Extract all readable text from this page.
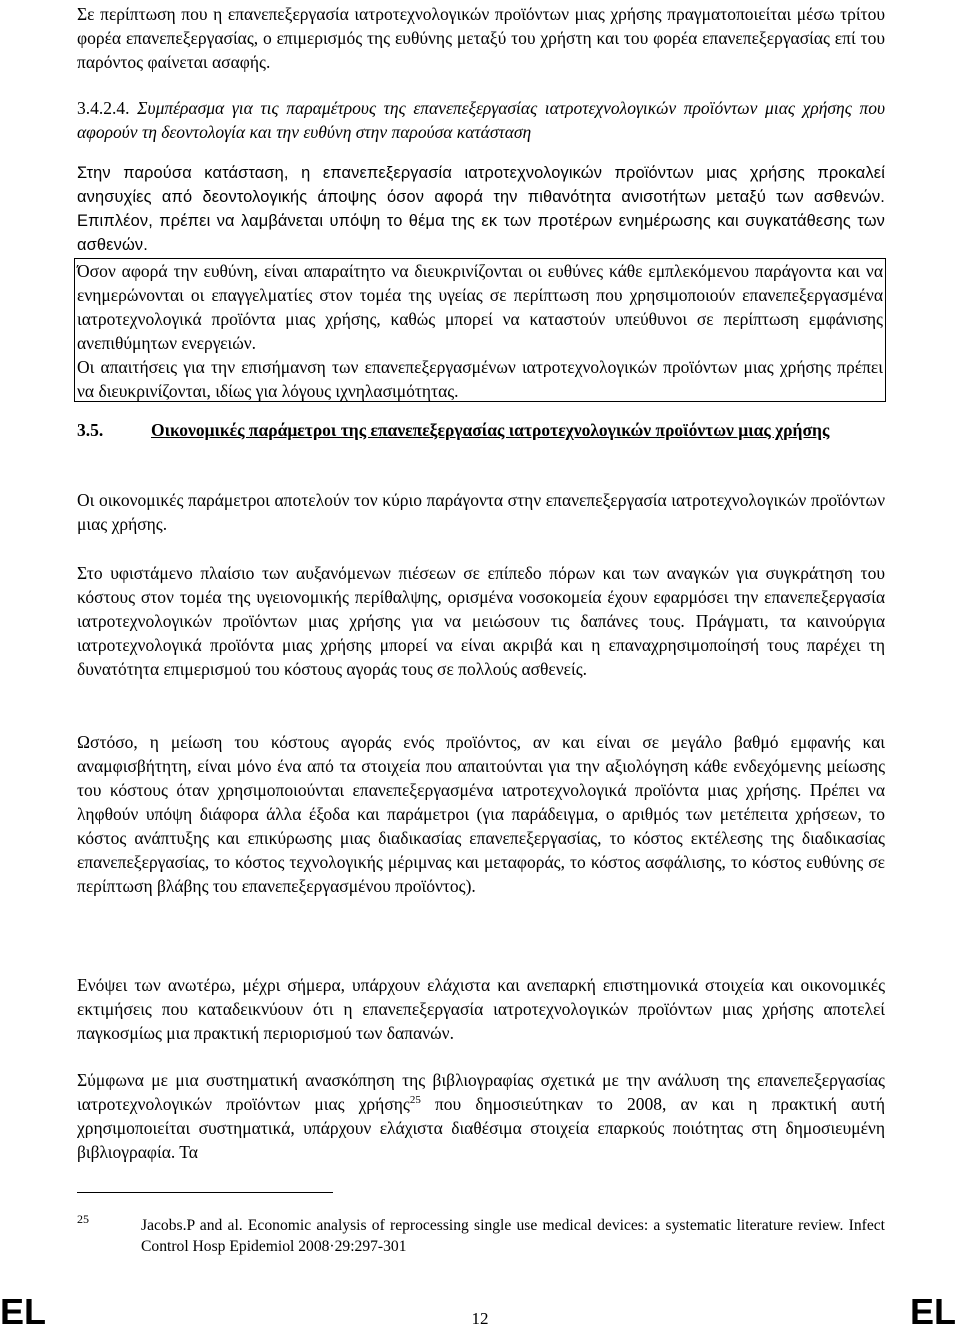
Σε περίπτωση που η επανεπεξεργασία ιατροτεχνολογικών προϊόντων μιας χρήσης πραγματοποιείται μέσω τρίτου φορέα επανεπεξεργασίας, ο επιμερισμός της ευθύνης μεταξύ του χρήστη και του φορέα επανεπεξεργασίας επί του παρόντος φαίνεται ασαφής.
3.4.2.4. Συμπέρασμα για τις παραμέτρους της επανεπεξεργασίας ιατροτεχνολογικών προϊόντων μιας χρήσης που αφορούν τη δεοντολογία και την ευθύνη στην παρούσα κατάσταση
Στην παρούσα κατάσταση, η επανεπεξεργασία ιατροτεχνολογικών προϊόντων μιας χρήσης προκαλεί ανησυχίες από δεοντολογικής άποψης όσον αφορά την πιθανότητα ανισοτήτων μεταξύ των ασθενών. Επιπλέον, πρέπει να λαμβάνεται υπόψη το θέμα της εκ των προτέρων ενημέρωσης και συγκατάθεσης των ασθενών.
Όσον αφορά την ευθύνη, είναι απαραίτητο να διευκρινίζονται οι ευθύνες κάθε εμπλεκόμενου παράγοντα και να ενημερώνονται οι επαγγελματίες στον τομέα της υγείας σε περίπτωση που χρησιμοποιούν επανεπεξεργασμένα ιατροτεχνολογικά προϊόντα μιας χρήσης, καθώς μπορεί να καταστούν υπεύθυνοι σε περίπτωση εμφάνισης ανεπιθύμητων ενεργειών.
Οι απαιτήσεις για την επισήμανση των επανεπεξεργασμένων ιατροτεχνολογικών προϊόντων μιας χρήσης πρέπει να διευκρινίζονται, ιδίως για λόγους ιχνηλασιμότητας.
3.5.	Οικονομικές παράμετροι της επανεπεξεργασίας ιατροτεχνολογικών προϊόντων μιας χρήσης
Οι οικονομικές παράμετροι αποτελούν τον κύριο παράγοντα στην επανεπεξεργασία ιατροτεχνολογικών προϊόντων μιας χρήσης.
Στο υφιστάμενο πλαίσιο των αυξανόμενων πιέσεων σε επίπεδο πόρων και των αναγκών για συγκράτηση του κόστους στον τομέα της υγειονομικής περίθαλψης, ορισμένα νοσοκομεία έχουν εφαρμόσει την επανεπεξεργασία ιατροτεχνολογικών προϊόντων μιας χρήσης για να μειώσουν τις δαπάνες τους. Πράγματι, τα καινούργια ιατροτεχνολογικά προϊόντα μιας χρήσης μπορεί να είναι ακριβά και η επαναχρησιμοποίησή τους παρέχει τη δυνατότητα επιμερισμού του κόστους αγοράς τους σε πολλούς ασθενείς.
Ωστόσο, η μείωση του κόστους αγοράς ενός προϊόντος, αν και είναι σε μεγάλο βαθμό εμφανής και αναμφισβήτητη, είναι μόνο ένα από τα στοιχεία που απαιτούνται για την αξιολόγηση κάθε ενδεχόμενης μείωσης του κόστους όταν χρησιμοποιούνται επανεπεξεργασμένα ιατροτεχνολογικά προϊόντα μιας χρήσης. Πρέπει να ληφθούν υπόψη διάφορα άλλα έξοδα και παράμετροι (για παράδειγμα, ο αριθμός των μετέπειτα χρήσεων, το κόστος ανάπτυξης και επικύρωσης μιας διαδικασίας επανεπεξεργασίας, το κόστος εκτέλεσης της διαδικασίας επανεπεξεργασίας, το κόστος τεχνολογικής μέριμνας και μεταφοράς, το κόστος ασφάλισης, το κόστος ευθύνης σε περίπτωση βλάβης του επανεπεξεργασμένου προϊόντος).
Ενόψει των ανωτέρω, μέχρι σήμερα, υπάρχουν ελάχιστα και ανεπαρκή επιστημονικά στοιχεία και οικονομικές εκτιμήσεις που καταδεικνύουν ότι η επανεπεξεργασία ιατροτεχνολογικών προϊόντων μιας χρήσης αποτελεί παγκοσμίως μια πρακτική περιορισμού των δαπανών.
Σύμφωνα με μια συστηματική ανασκόπηση της βιβλιογραφίας σχετικά με την ανάλυση της επανεπεξεργασίας ιατροτεχνολογικών προϊόντων μιας χρήσης$^{25}$ που δημοσιεύτηκαν το 2008, αν και η πρακτική αυτή χρησιμοποιείται συστηματικά, υπάρχουν ελάχιστα διαθέσιμα στοιχεία επαρκούς ποιότητας στη δημοσιευμένη βιβλιογραφία. Τα
25	Jacobs.P and al. Economic analysis of reprocessing single use medical devices: a systematic literature review. Infect Control Hosp Epidemiol 2008·29:297-301
EL	12	EL
